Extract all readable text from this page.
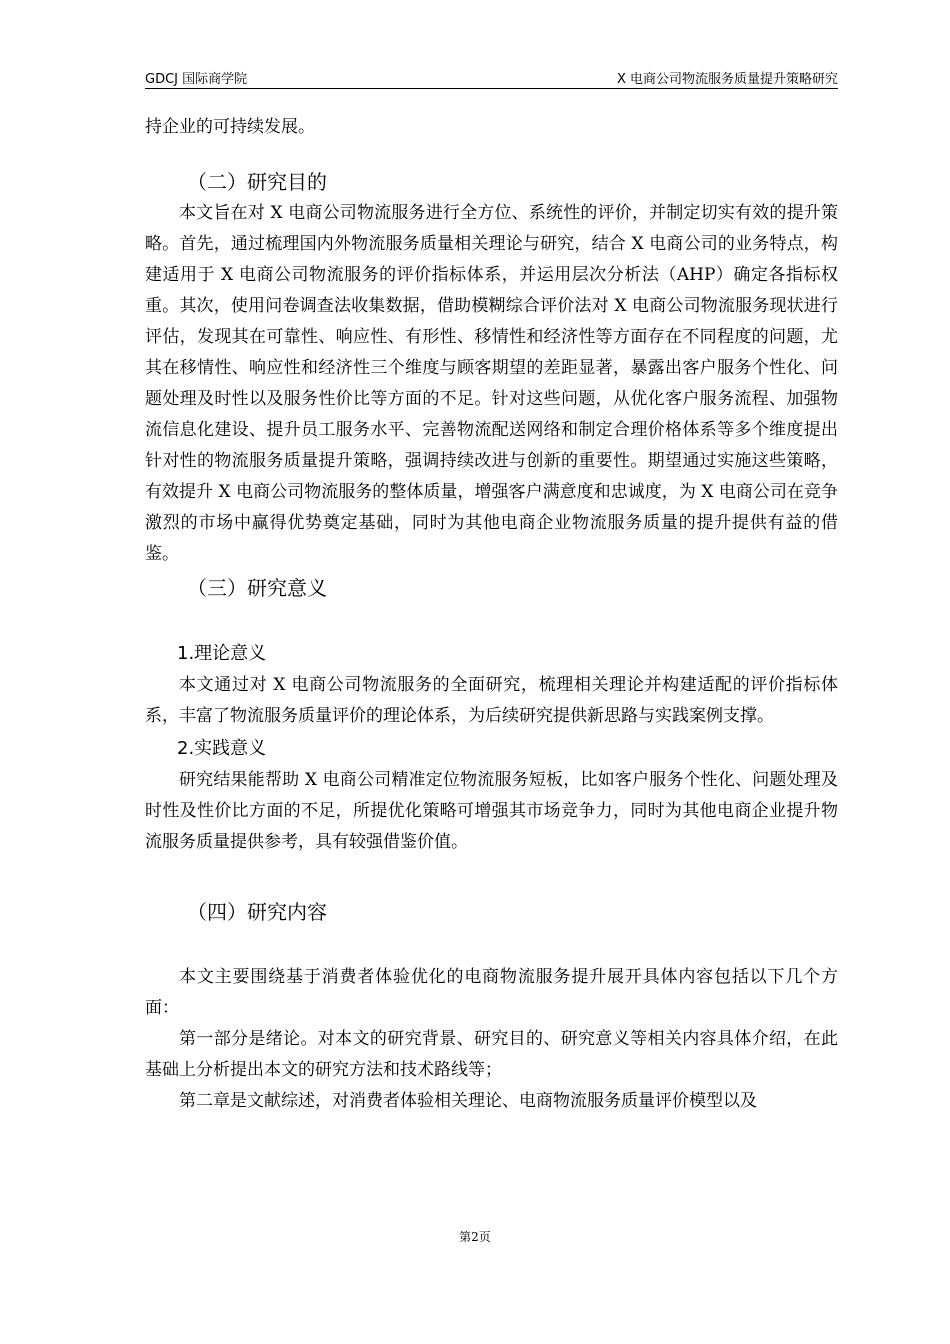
GDCJ 国际商学院	X 电商公司物流服务质量提升策略研究

持企业的可持续发展。

（二）研究目的

本文旨在对 X 电商公司物流服务进行全方位、系统性的评价，并制定切实有效的提升策略。首先，通过梳理国内外物流服务质量相关理论与研究，结合 X 电商公司的业务特点，构建适用于 X 电商公司物流服务的评价指标体系，并运用层次分析法（AHP）确定各指标权重。其次，使用问卷调查法收集数据，借助模糊综合评价法对 X 电商公司物流服务现状进行评估，发现其在可靠性、响应性、有形性、移情性和经济性等方面存在不同程度的问题，尤其在移情性、响应性和经济性三个维度与顾客期望的差距显著，暴露出客户服务个性化、问题处理及时性以及服务性价比等方面的不足。针对这些问题，从优化客户服务流程、加强物流信息化建设、提升员工服务水平、完善物流配送网络和制定合理价格体系等多个维度提出针对性的物流服务质量提升策略，强调持续改进与创新的重要性。期望通过实施这些策略，有效提升 X 电商公司物流服务的整体质量，增强客户满意度和忠诚度，为 X 电商公司在竞争激烈的市场中赢得优势奠定基础，同时为其他电商企业物流服务质量的提升提供有益的借鉴。

（三）研究意义
1.理论意义

本文通过对 X 电商公司物流服务的全面研究，梳理相关理论并构建适配的评价指标体系，丰富了物流服务质量评价的理论体系，为后续研究提供新思路与实践案例支撑。

2.实践意义

研究结果能帮助 X 电商公司精准定位物流服务短板，比如客户服务个性化、问题处理及时性及性价比方面的不足，所提优化策略可增强其市场竞争力，同时为其他电商企业提升物流服务质量提供参考，具有较强借鉴价值。

（四）研究内容

本文主要围绕基于消费者体验优化的电商物流服务提升展开具体内容包括以下几个方面：

第一部分是绪论。对本文的研究背景、研究目的、研究意义等相关内容具体介绍，在此基础上分析提出本文的研究方法和技术路线等；

第二章是文献综述，对消费者体验相关理论、电商物流服务质量评价模型以及

第2页
